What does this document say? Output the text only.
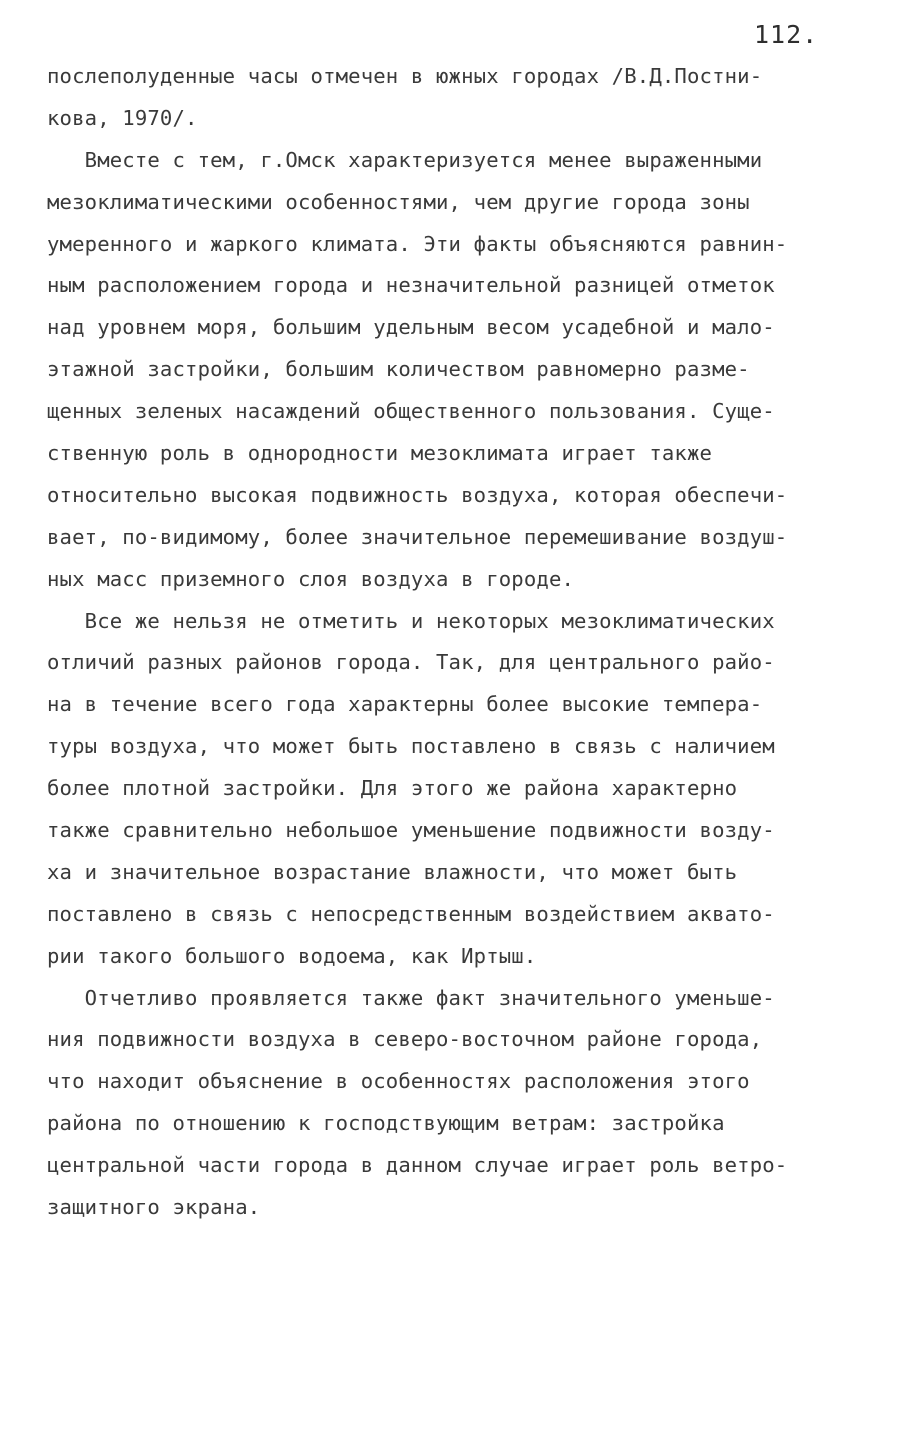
112.
послеполуденные часы отмечен в южных городах /В.Д.Постни-
кова, 1970/.
Вместе с тем, г.Омск характеризуется менее выраженными
мезоклиматическими особенностями, чем другие города зоны
умеренного и жаркого климата. Эти факты объясняются равнин-
ным расположением города и незначительной разницей отметок
над уровнем моря, большим удельным весом усадебной и мало-
этажной застройки, большим количеством равномерно разме-
щенных зеленых насаждений общественного пользования. Суще-
ственную роль в однородности мезоклимата играет также
относительно высокая подвижность воздуха, которая обеспечи-
вает, по-видимому, более значительное перемешивание воздуш-
ных масс приземного слоя воздуха в городе.
Все же нельзя не отметить и некоторых мезоклиматических
отличий разных районов города. Так, для центрального райо-
на в течение всего года характерны более высокие темпера-
туры воздуха, что может быть поставлено в связь с наличием
более плотной застройки. Для этого же района характерно
также сравнительно небольшое уменьшение подвижности возду-
ха и значительное возрастание влажности, что может быть
поставлено в связь с непосредственным воздействием аквато-
рии такого большого водоема, как Иртыш.
Отчетливо проявляется также факт значительного уменьше-
ния подвижности воздуха в северо-восточном районе города,
что находит объяснение в особенностях расположения этого
района по отношению к господствующим ветрам: застройка
центральной части города в данном случае играет роль ветро-
защитного экрана.
